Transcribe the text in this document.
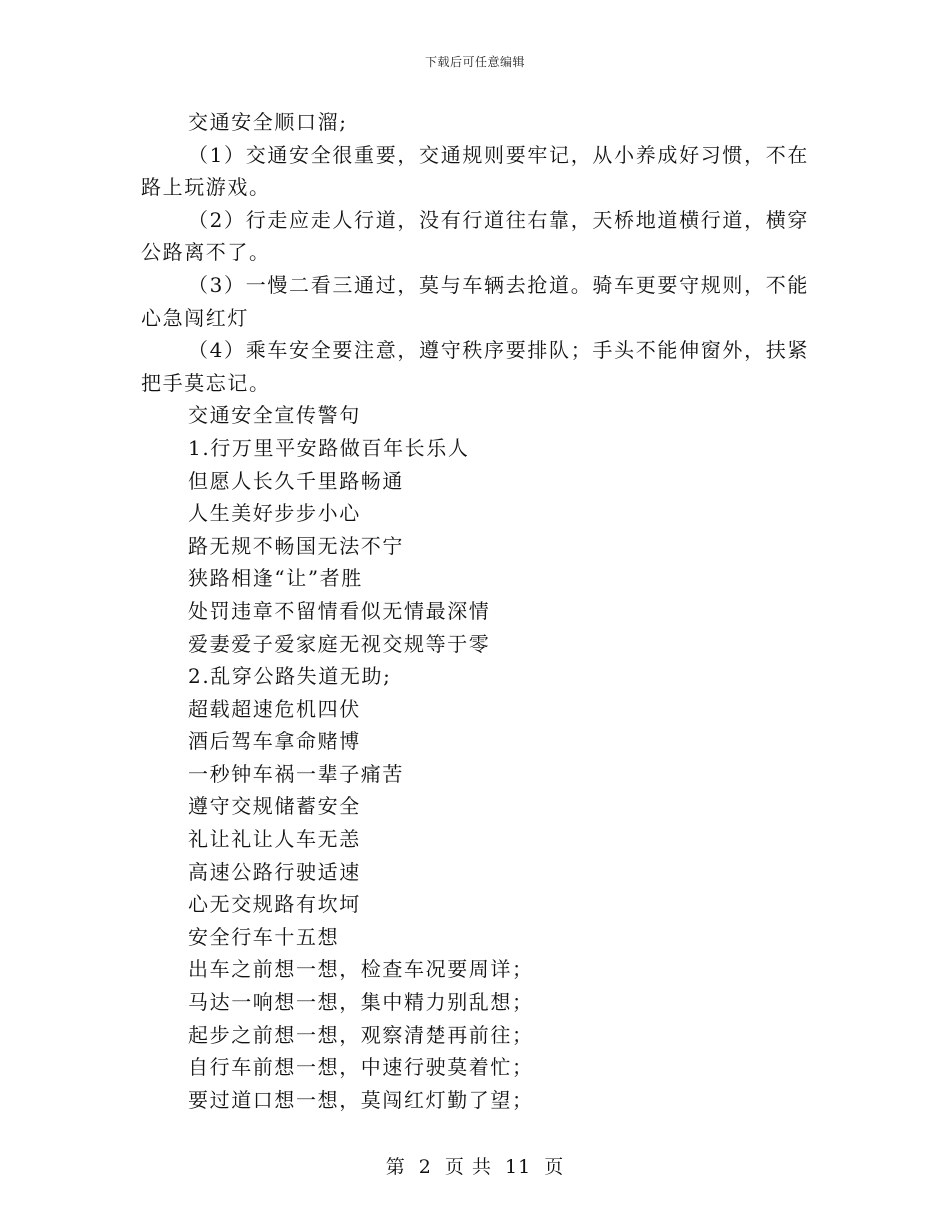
下载后可任意编辑
交通安全顺口溜;
（1）交通安全很重要，交通规则要牢记，从小养成好习惯，不在路上玩游戏。
（2）行走应走人行道，没有行道往右靠，天桥地道横行道，横穿公路离不了。
（3）一慢二看三通过，莫与车辆去抢道。骑车更要守规则，不能心急闯红灯
（4）乘车安全要注意，遵守秩序要排队；手头不能伸窗外，扶紧把手莫忘记。
交通安全宣传警句
1.行万里平安路做百年长乐人
但愿人长久千里路畅通
人生美好步步小心
路无规不畅国无法不宁
狭路相逢“让”者胜
处罚违章不留情看似无情最深情
爱妻爱子爱家庭无视交规等于零
2.乱穿公路失道无助;
超载超速危机四伏
酒后驾车拿命赌博
一秒钟车祸一辈子痛苦
遵守交规储蓄安全
礼让礼让人车无恙
高速公路行驶适速
心无交规路有坎坷
安全行车十五想
出车之前想一想，检查车况要周详；
马达一响想一想，集中精力别乱想；
起步之前想一想，观察清楚再前往；
自行车前想一想，中速行驶莫着忙；
要过道口想一想，莫闯红灯勤了望；
第 2 页 共 11 页
